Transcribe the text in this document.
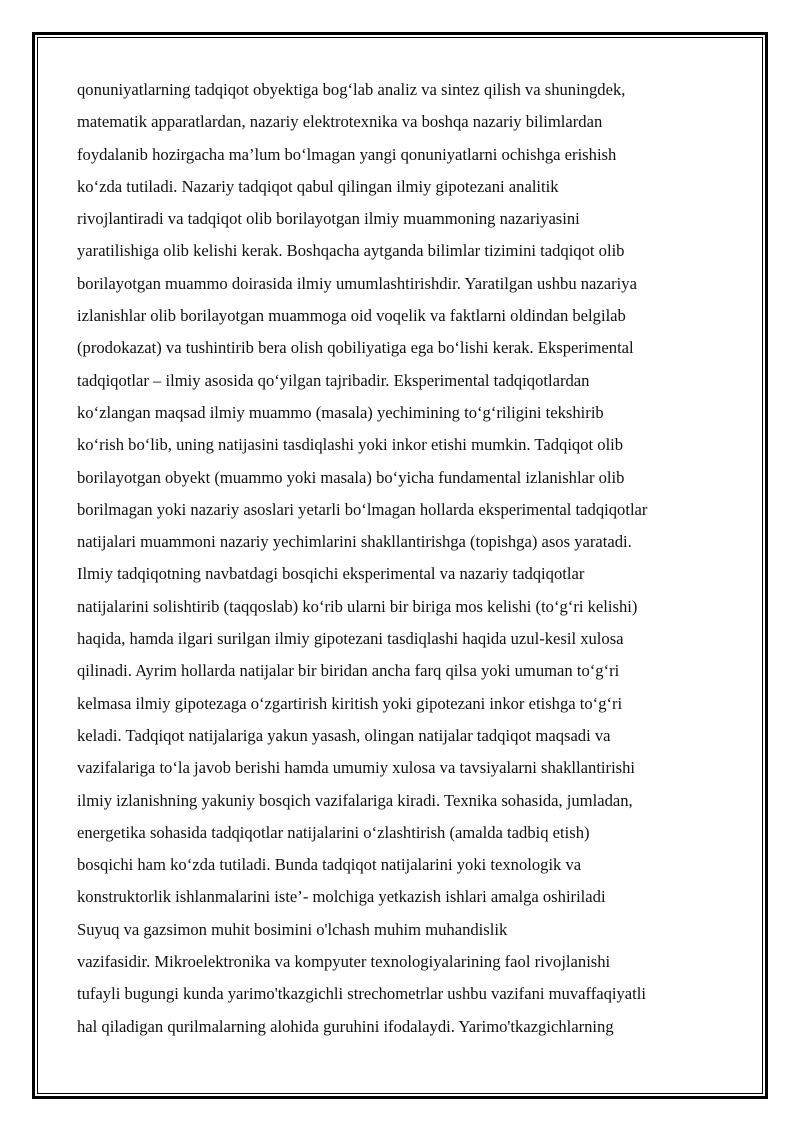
qonuniyatlarning tadqiqot obyektiga bog‘lab analiz va sintez qilish va shuningdek,
matematik apparatlardan, nazariy elektrotexnika va boshqa nazariy bilimlardan
foydalanib hozirgacha ma’lum bo‘lmagan yangi qonuniyatlarni ochishga erishish
ko‘zda tutiladi. Nazariy tadqiqot qabul qilingan ilmiy gipotezani analitik
rivojlantiradi va tadqiqot olib borilayotgan ilmiy muammoning nazariyasini
yaratilishiga olib kelishi kerak. Boshqacha aytganda bilimlar tizimini tadqiqot olib
borilayotgan muammo doirasida ilmiy umumlashtirishdir. Yaratilgan ushbu nazariya
izlanishlar olib borilayotgan muammoga oid voqelik va faktlarni oldindan belgilab
(prodokazat) va tushintirib bera olish qobiliyatiga ega bo‘lishi kerak. Eksperimental
tadqiqotlar – ilmiy asosida qo‘yilgan tajribadir. Eksperimental tadqiqotlardan
ko‘zlangan maqsad ilmiy muammo (masala) yechimining to‘g‘riligini tekshirib
ko‘rish bo‘lib, uning natijasini tasdiqlashi yoki inkor etishi mumkin. Tadqiqot olib
borilayotgan obyekt (muammo yoki masala) bo‘yicha fundamental izlanishlar olib
borilmagan yoki nazariy asoslari yetarli bo‘lmagan hollarda eksperimental tadqiqotlar
natijalari muammoni nazariy yechimlarini shakllantirishga (topishga) asos yaratadi.
Ilmiy tadqiqotning navbatdagi bosqichi eksperimental va nazariy tadqiqotlar
natijalarini solishtirib (taqqoslab) ko‘rib ularni bir biriga mos kelishi (to‘g‘ri kelishi)
haqida, hamda ilgari surilgan ilmiy gipotezani tasdiqlashi haqida uzul-kesil xulosa
qilinadi. Ayrim hollarda natijalar bir biridan ancha farq qilsa yoki umuman to‘g‘ri
kelmasa ilmiy gipotezaga o‘zgartirish kiritish yoki gipotezani inkor etishga to‘g‘ri
keladi. Tadqiqot natijalariga yakun yasash, olingan natijalar tadqiqot maqsadi va
vazifalariga to‘la javob berishi hamda umumiy xulosa va tavsiyalarni shakllantirishi
ilmiy izlanishning yakuniy bosqich vazifalariga kiradi. Texnika sohasida, jumladan,
energetika sohasida tadqiqotlar natijalarini o‘zlashtirish (amalda tadbiq etish)
bosqichi ham ko‘zda tutiladi. Bunda tadqiqot natijalarini yoki texnologik va
konstruktorlik ishlanmalarini iste’- molchiga yetkazish ishlari amalga oshiriladi
Suyuq va gazsimon muhit bosimini o'lchash muhim muhandislik
vazifasidir. Mikroelektronika va kompyuter texnologiyalarining faol rivojlanishi
tufayli bugungi kunda yarimo'tkazgichli strechometrlar ushbu vazifani muvaffaqiyatli
hal qiladigan qurilmalarning alohida guruhini ifodalaydi. Yarimo'tkazgichlarning
